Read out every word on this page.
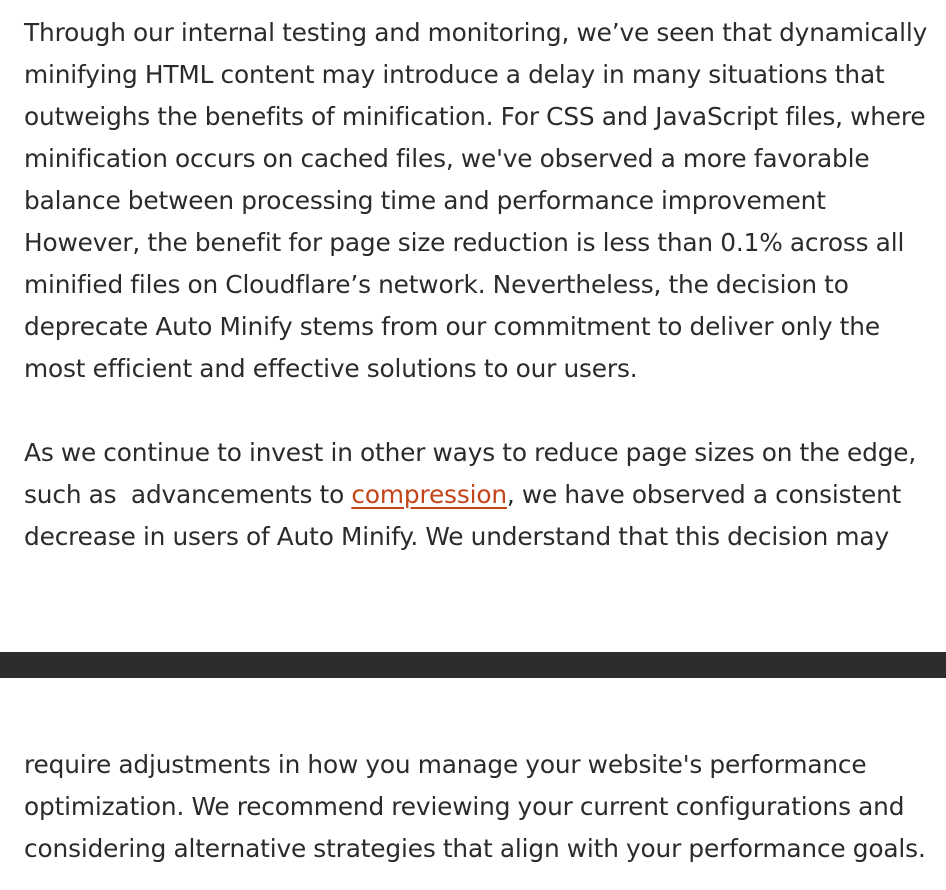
Through our internal testing and monitoring, we’ve seen that dynamically
minifying HTML content may introduce a delay in many situations that
outweighs the benefits of minification. For CSS and JavaScript files, where
minification occurs on cached files, we've observed a more favorable
balance between processing time and performance improvement
However, the benefit for page size reduction is less than 0.1% across all
minified files on Cloudflare’s network. Nevertheless, the decision to
deprecate Auto Minify stems from our commitment to deliver only the
most efficient and effective solutions to our users.
As we continue to invest in other ways to reduce page sizes on the edge,
such as  advancements to compression, we have observed a consistent
decrease in users of Auto Minify. We understand that this decision may
require adjustments in how you manage your website's performance
optimization. We recommend reviewing your current configurations and
considering alternative strategies that align with your performance goals.
